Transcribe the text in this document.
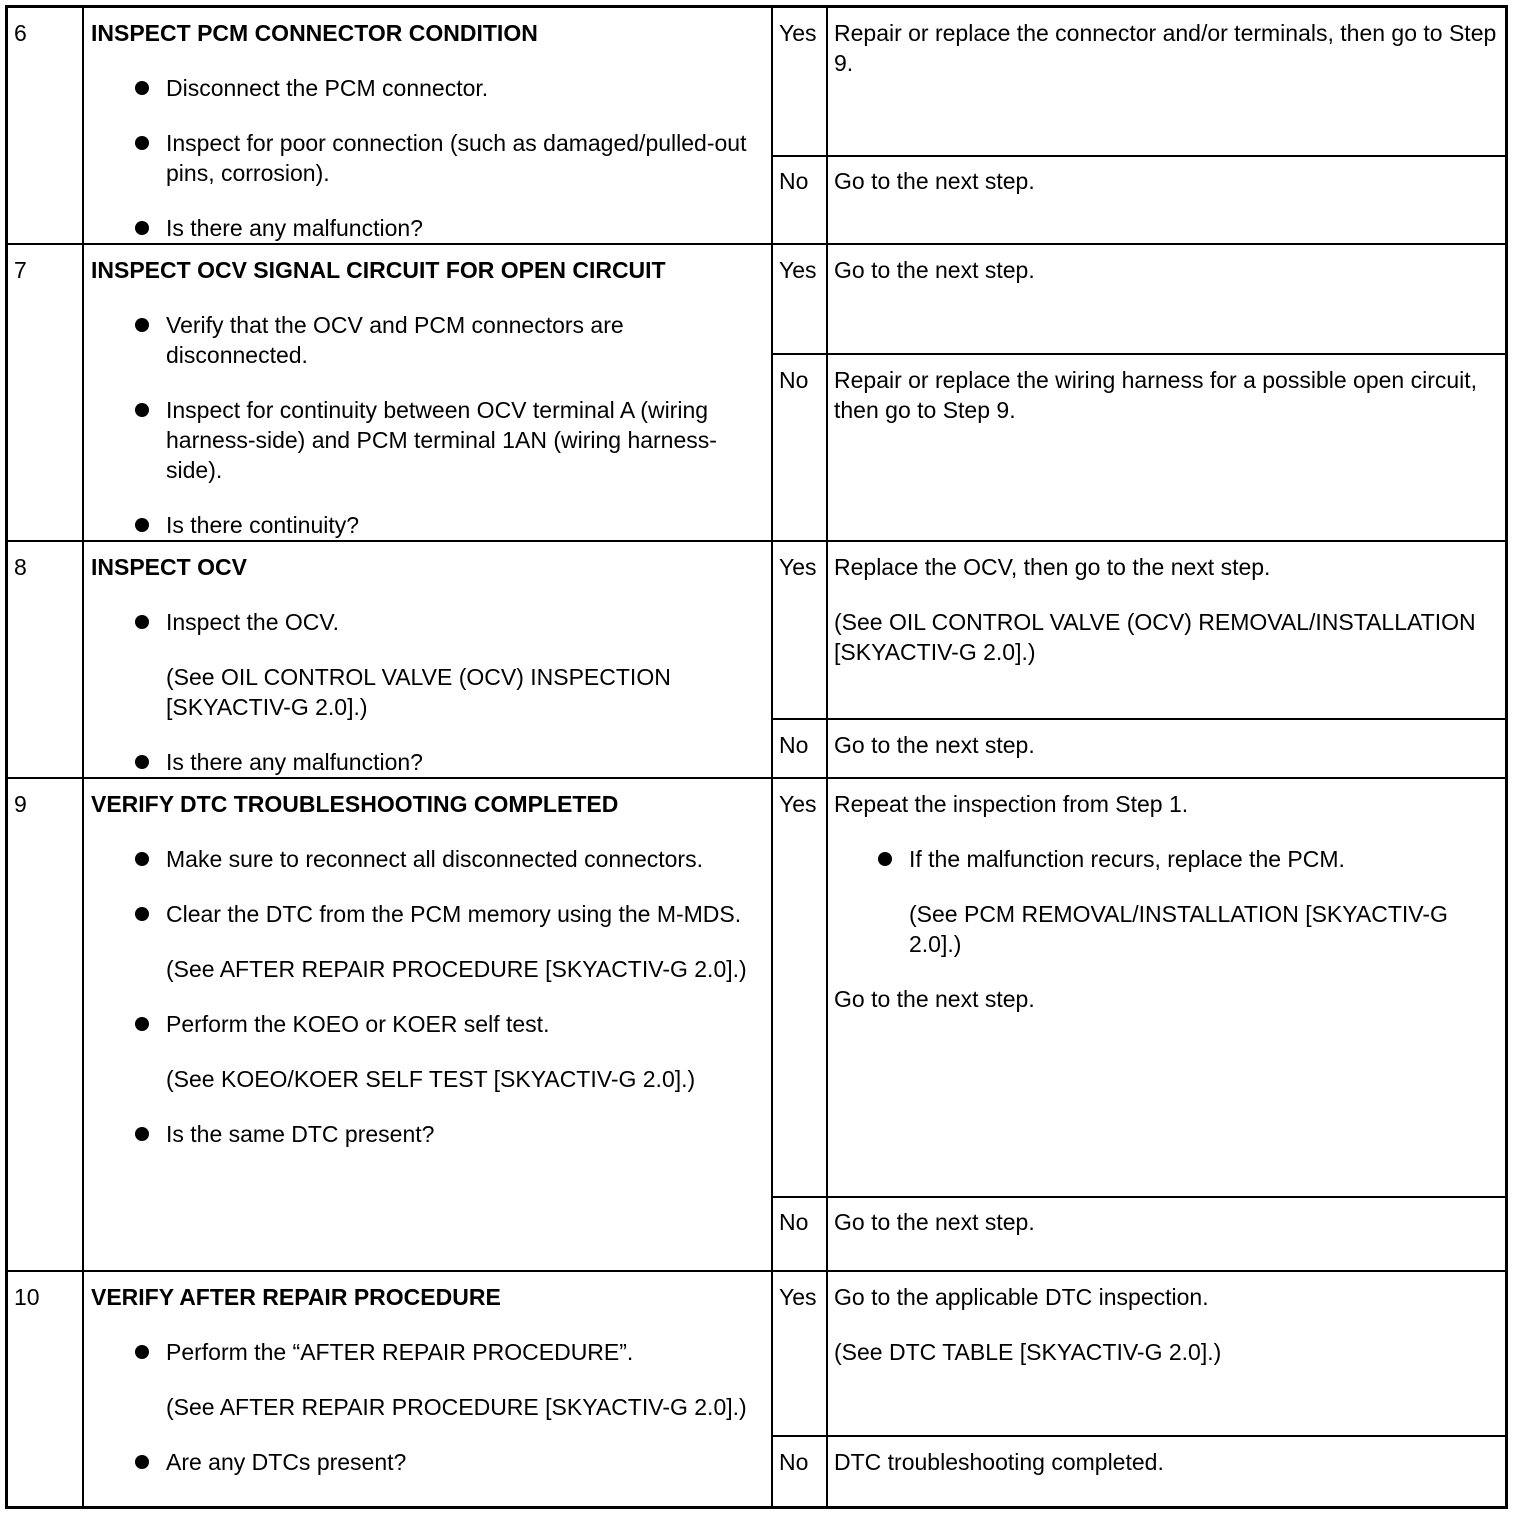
6	INSPECT PCM CONNECTOR CONDITION
Disconnect the PCM connector.
Inspect for poor connection (such as damaged/pulled-out pins, corrosion).
Is there any malfunction?
Yes Repair or replace the connector and/or terminals, then go to Step 9.
No Go to the next step.
7	INSPECT OCV SIGNAL CIRCUIT FOR OPEN CIRCUIT
Verify that the OCV and PCM connectors are disconnected.
Inspect for continuity between OCV terminal A (wiring harness-side) and PCM terminal 1AN (wiring harness-side).
Is there continuity?
Yes Go to the next step.
No Repair or replace the wiring harness for a possible open circuit, then go to Step 9.
8	INSPECT OCV
Inspect the OCV.
(See OIL CONTROL VALVE (OCV) INSPECTION [SKYACTIV-G 2.0].)
Is there any malfunction?
Yes Replace the OCV, then go to the next step.
(See OIL CONTROL VALVE (OCV) REMOVAL/INSTALLATION [SKYACTIV-G 2.0].)
No Go to the next step.
9	VERIFY DTC TROUBLESHOOTING COMPLETED
Make sure to reconnect all disconnected connectors.
Clear the DTC from the PCM memory using the M-MDS.
(See AFTER REPAIR PROCEDURE [SKYACTIV-G 2.0].)
Perform the KOEO or KOER self test.
(See KOEO/KOER SELF TEST [SKYACTIV-G 2.0].)
Is the same DTC present?
Yes Repeat the inspection from Step 1.
If the malfunction recurs, replace the PCM.
(See PCM REMOVAL/INSTALLATION [SKYACTIV-G 2.0].)
Go to the next step.
No Go to the next step.
10 VERIFY AFTER REPAIR PROCEDURE
Perform the “AFTER REPAIR PROCEDURE”.
(See AFTER REPAIR PROCEDURE [SKYACTIV-G 2.0].)
Are any DTCs present?
Yes Go to the applicable DTC inspection.
(See DTC TABLE [SKYACTIV-G 2.0].)
No DTC troubleshooting completed.
